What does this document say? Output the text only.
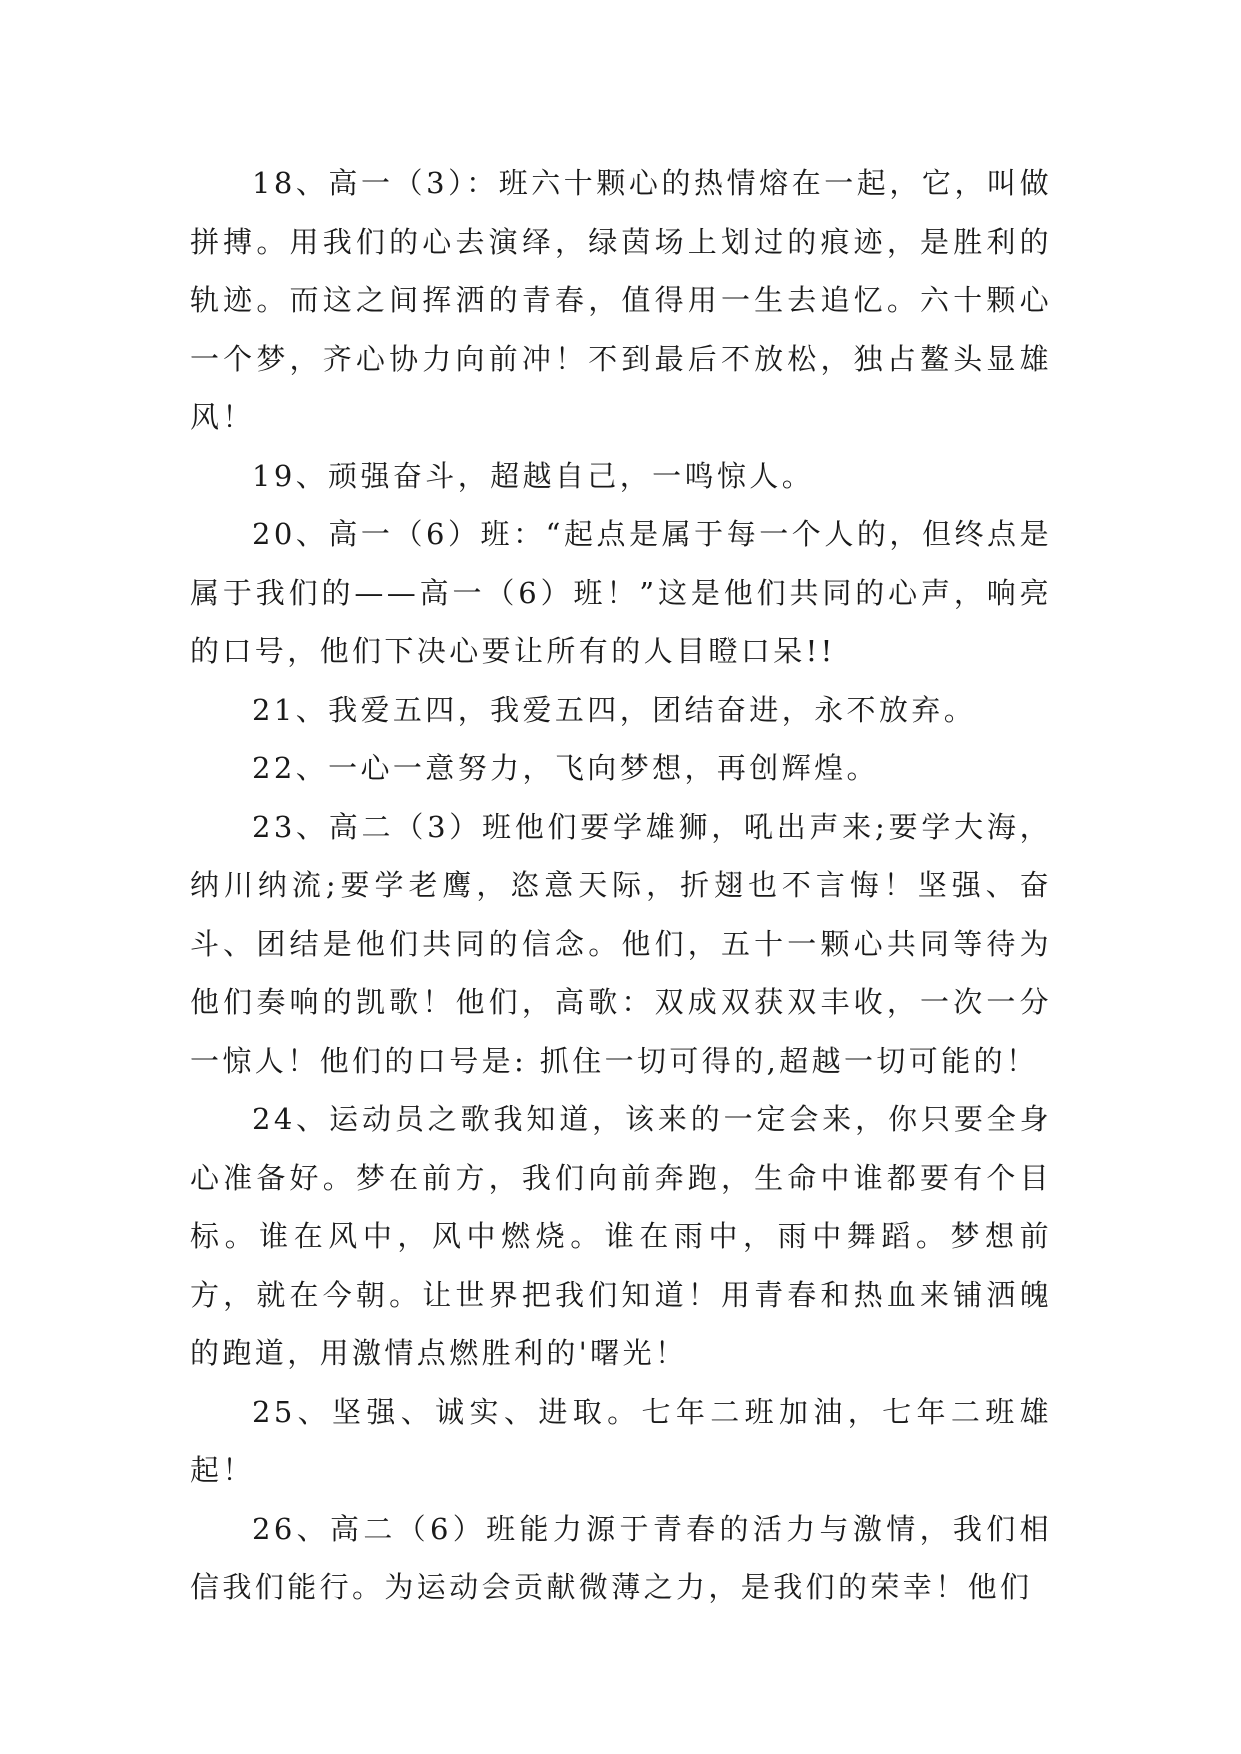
18、高一（3）：班六十颗心的热情熔在一起，它，叫做拼搏。用我们的心去演绎，绿茵场上划过的痕迹，是胜利的轨迹。而这之间挥洒的青春，值得用一生去追忆。六十颗心一个梦，齐心协力向前冲！不到最后不放松，独占鳌头显雄风！

19、顽强奋斗，超越自己，一鸣惊人。

20、高一（6）班：“起点是属于每一个人的，但终点是属于我们的——高一（6）班！”这是他们共同的心声，响亮的口号，他们下决心要让所有的人目瞪口呆!!

21、我爱五四，我爱五四，团结奋进，永不放弃。

22、一心一意努力，飞向梦想，再创辉煌。

23、高二（3）班他们要学雄狮，吼出声来;要学大海，纳川纳流;要学老鹰，恣意天际，折翅也不言悔！坚强、奋斗、团结是他们共同的信念。他们，五十一颗心共同等待为他们奏响的凯歌！他们，高歌：双成双获双丰收，一次一分一惊人！他们的口号是: 抓住一切可得的,超越一切可能的！

24、运动员之歌我知道，该来的一定会来，你只要全身心准备好。梦在前方，我们向前奔跑，生命中谁都要有个目标。谁在风中，风中燃烧。谁在雨中，雨中舞蹈。梦想前方，就在今朝。让世界把我们知道！用青春和热血来铺洒魄的跑道，用激情点燃胜利的'曙光！

25、坚强、诚实、进取。七年二班加油，七年二班雄起！

26、高二（6）班能力源于青春的活力与激情，我们相信我们能行。为运动会贡献微薄之力，是我们的荣幸！他们
